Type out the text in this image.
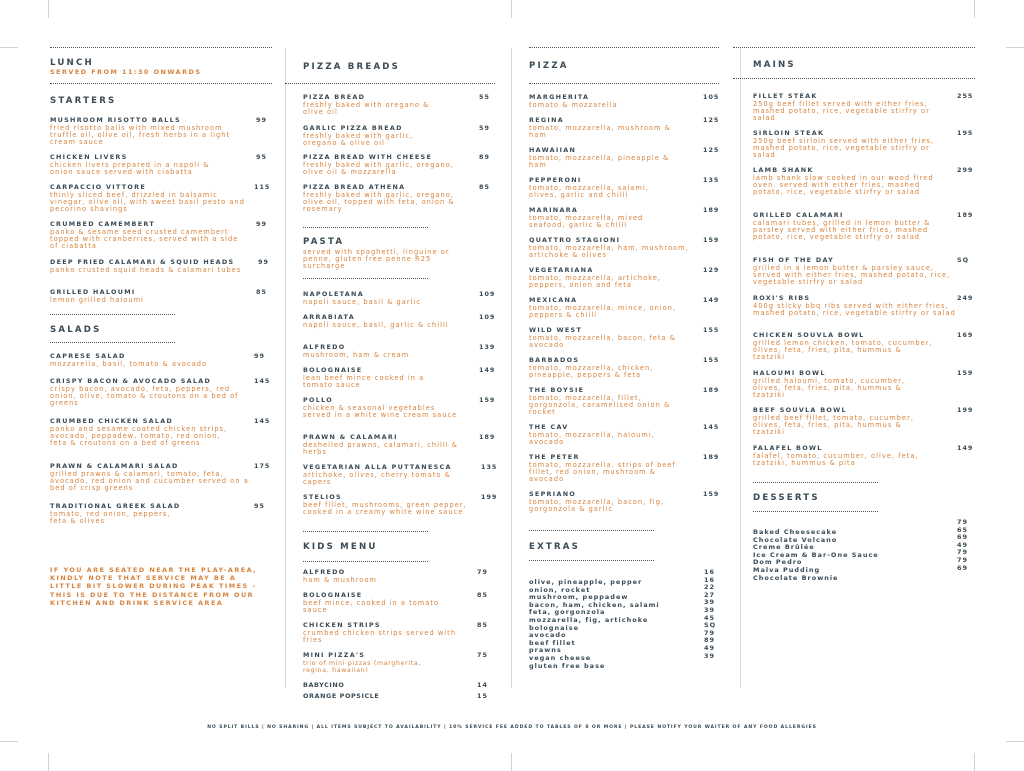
LUNCH
SERVED FROM 11:30 ONWARDS
STARTERS
MUSHROOM RISOTTO BALLS	99
fried risotto balls with mixed mushroom truffle oil, olive oil, fresh herbs in a light cream sauce
CHICKEN LIVERS	95
chicken livers prepared in a napoli & onion sauce served with ciabatta
CARPACCIO VITTORE	115
thinly sliced beef, drizzled in balsamic vinegar, olive oil, with sweet basil pesto and pecorino shavings
CRUMBED CAMEMBERT	99
panko & sesame seed crusted camembert topped with cranberries, served with a side of ciabatta
DEEP FRIED CALAMARI & SQUID HEADS	99
panko crusted squid heads & calamari tubes
GRILLED HALOUMI	85
lemon grilled haloumi
SALADS
CAPRESE SALAD	99
mozzarella, basil, tomato & avocado
CRISPY BACON & AVOCADO SALAD	145
crispy bacon, avocado, feta, peppers, red onion, olive, tomato & croutons on a bed of greens
CRUMBED CHICKEN SALAD	145
panko and sesame coated chicken strips, avocado, peppadew, tomato, red onion, feta & croutons on a bed of greens
PRAWN & CALAMARI SALAD	175
grilled prawns & calamari, tomato, feta, avocado, red onion and cucumber served on a bed of crisp greens
TRADITIONAL GREEK SALAD	95
tomato, red onion, peppers, feta & olives
IF YOU ARE SEATED NEAR THE PLAY-AREA, KINDLY NOTE THAT SERVICE MAY BE A LITTLE BIT SLOWER DURING PEAK TIMES - THIS IS DUE TO THE DISTANCE FROM OUR KITCHEN AND DRINK SERVICE AREA
PIZZA BREADS
PIZZA BREAD	55
freshly baked with oregano & olive oil
GARLIC PIZZA BREAD	59
freshly baked with garlic, oregano & olive oil
PIZZA BREAD WITH CHEESE	89
freshly baked with garlic, oregano, olive oil & mozzarella
PIZZA BREAD ATHENA	85
freshly baked with garlic, oregano, olive oil, topped with feta, onion & rosemary
PASTA
served with spaghetti, linguine or penne, gluten free penne R25 surcharge
NAPOLETANA	109
napoli sauce, basil & garlic
ARRABIATA	109
napoli sauce, basil, garlic & chilli
ALFREDO	139
mushroom, ham & cream
BOLOGNAISE	149
lean beef mince cooked in a tomato sauce
POLLO	159
chicken & seasonal vegetables served in a white wine cream sauce
PRAWN & CALAMARI	189
deshelled prawns, calamari, chilli & herbs
VEGETARIAN ALLA PUTTANESCA	135
artichoke, olives, cherry tomato & capers
STELIOS	199
beef fillet, mushrooms, green pepper, cooked in a creamy white wine sauce
KIDS MENU
ALFREDO	79
ham & mushroom
BOLOGNAISE	85
beef mince, cooked in a tomato sauce
CHICKEN STRIPS	85
crumbed chicken strips served with fries
MINI PIZZA'S	75
trio of mini pizzas (margherita, regina, hawaiian)
BABYCINO	14
ORANGE POPSICLE	15
PIZZA
MARGHERITA	105
tomato & mozzarella
REGINA	125
tomato, mozzarella, mushroom & ham
HAWAIIAN	125
tomato, mozzarella, pineapple & ham
PEPPERONI	135
tomato, mozzarella, salami, olives, garlic and chilli
MARINARA	189
tomato, mozzarella, mixed seafood, garlic & chilli
QUATTRO STAGIONI	159
tomato, mozzarella, ham, mushroom, artichoke & olives
VEGETARIANA	129
tomato, mozzarella, artichoke, peppers, onion and feta
MEXICANA	149
tomato, mozzarella, mince, onion, peppers & chilli
WILD WEST	155
tomato, mozzarella, bacon, feta & avocado
BARBADOS	155
tomato, mozzarella, chicken, pineapple, peppers & feta
THE BOYSIE	189
tomato, mozzarella, fillet, gorgonzola, caramelised onion & rocket
THE CAV	145
tomato, mozzarella, haloumi, avocado
THE PETER	189
tomato, mozzarella, strips of beef fillet, red onion, mushroom & avocado
SEPRIANO	159
tomato, mozzarella, bacon, fig, gorgonzola & garlic
EXTRAS
olive, pineapple, pepper
16
onion, rocket
16
mushroom, peppadew
22
bacon, ham, chicken, salami
27
feta, gorgonzola
39
mozzarella, fig, artichoke
39
bolognaise
45
avocado
SQ
beef fillet
79
prawns
89
vegan cheese
49
gluten free base
39
MAINS
FILLET STEAK	255
250g beef fillet served with either fries, mashed potato, rice, vegetable stirfry or salad
SIRLOIN STEAK	195
250g beef sirloin served with either fries, mashed potato, rice, vegetable stirfry or salad
LAMB SHANK	299
lamb shank slow cooked in our wood fired oven. served with either fries, mashed potato, rice, vegetable stirfry or salad
GRILLED CALAMARI	189
calamari tubes, grilled in lemon butter & parsley served with either fries, mashed potato, rice, vegetable stirfry or salad
FISH OF THE DAY	SQ
grilled in a lemon butter & parsley sauce, served with either fries, mashed potato, rice, vegetable stirfry or salad
ROXI'S RIBS	249
400g sticky bbq ribs served with either fries, mashed potato, rice, vegetable stirfry or salad
CHICKEN SOUVLA BOWL	169
grilled lemon chicken, tomato, cucumber, olives, feta, fries, pita, hummus & tzatziki
HALOUMI BOWL	159
grilled haloumi, tomato, cucumber, olives, feta, fries, pita, hummus & tzatziki
BEEF SOUVLA BOWL	199
grilled beef fillet, tomato, cucumber, olives, feta, fries, pita, hummus & tzatziki
FALAFEL BOWL	149
falafel, tomato, cucumber, olive, feta, tzatziki, hummus & pita
DESSERTS
Baked Cheesecake
79
Chocolate Volcano
65
Creme Brûlée
69
Ice Cream & Bar-One Sauce
49
Dom Pedro
79
Malva Pudding
79
Chocolate Brownie
69
NO SPLIT BILLS | NO SHARING | ALL ITEMS SUBJECT TO AVAILABILITY | 10% SERVICE FEE ADDED TO TABLES OF 8 OR MORE | PLEASE NOTIFY YOUR WAITER OF ANY FOOD ALLERGIES
